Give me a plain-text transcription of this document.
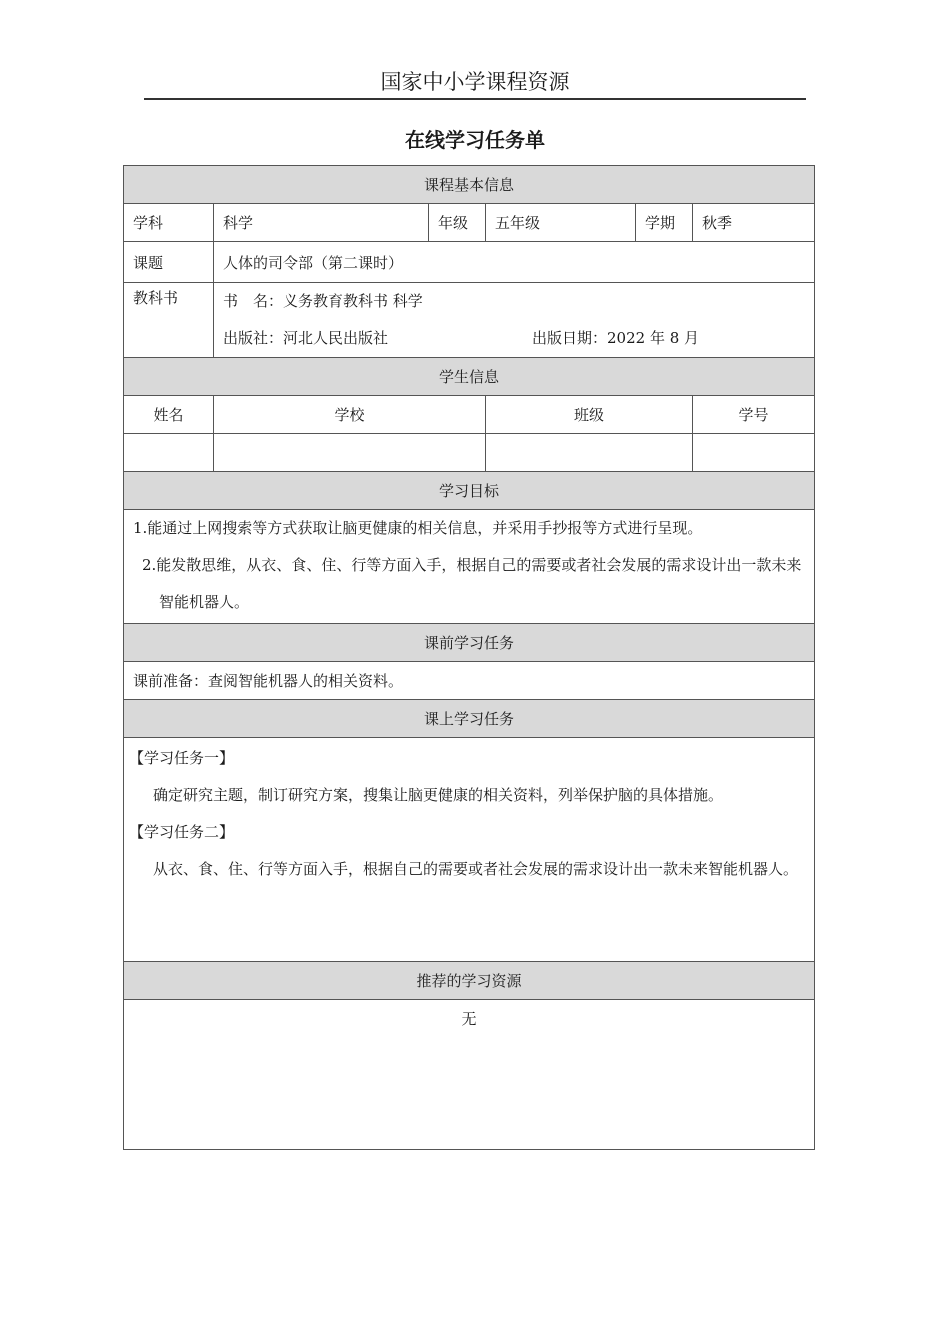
国家中小学课程资源
在线学习任务单
课程基本信息					
学科	科学	年级	五年级	学期	秋季
课题	人体的司令部（第二课时）				
教科书	书　名：义务教育教科书 科学
出版社：河北人民出版社 出版日期：2022 年 8 月				

学生信息					
姓名	学校		班级		学号

学习目标					

1.能通过上网搜索等方式获取让脑更健康的相关信息，并采用手抄报等方式进行呈现。
2.能发散思维，从衣、食、住、行等方面入手，根据自己的需要或者社会发展的需求设计出一款未来智能机器人。					

课前学习任务					
课前准备：查阅智能机器人的相关资料。					
课上学习任务					

【学习任务一】
确定研究主题，制订研究方案，搜集让脑更健康的相关资料，列举保护脑的具体措施。
【学习任务二】
从衣、食、住、行等方面入手，根据自己的需要或者社会发展的需求设计出一款未来智能机器人。					

推荐的学习资源					

无					
